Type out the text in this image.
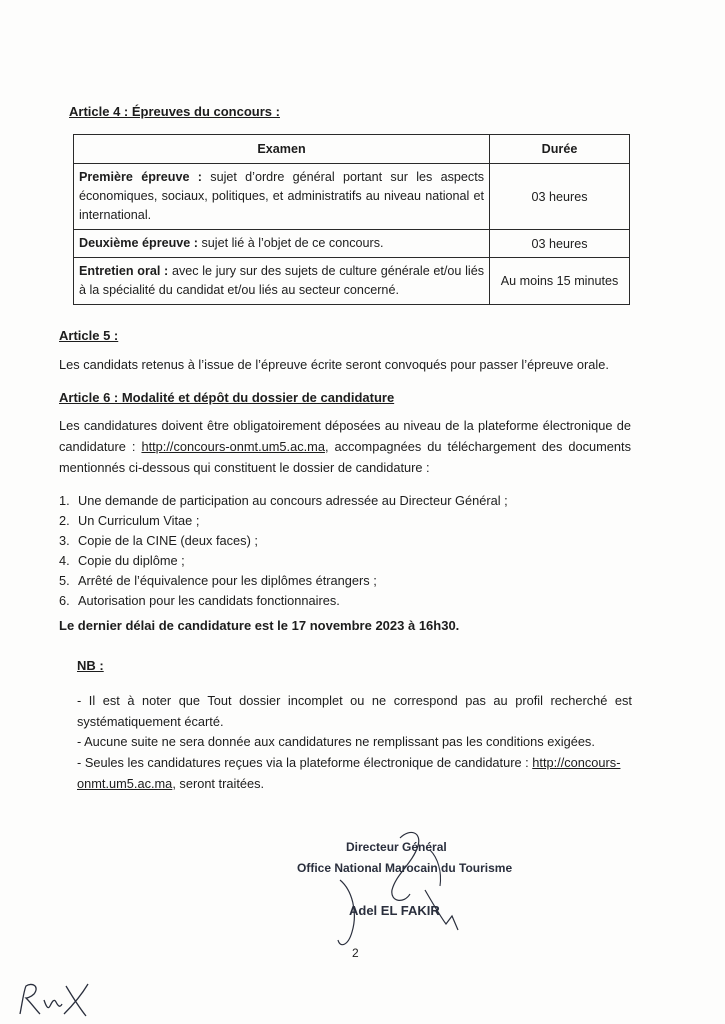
Article 4 : Épreuves du concours :
Examen	Durée
Première épreuve : sujet d’ordre général portant sur les aspects économiques, sociaux, politiques, et administratifs au niveau national et international.	03 heures
Deuxième épreuve : sujet lié à l’objet de ce concours.	03 heures
Entretien oral : avec le jury sur des sujets de culture générale et/ou liés à la spécialité du candidat et/ou liés au secteur concerné.	Au moins 15 minutes
Article 5 :
Les candidats retenus à l’issue de l’épreuve écrite seront convoqués pour passer l’épreuve orale.
Article 6 : Modalité et dépôt du dossier de candidature
Les candidatures doivent être obligatoirement déposées au niveau de la plateforme électronique de candidature : http://concours-onmt.um5.ac.ma, accompagnées du téléchargement des documents mentionnés ci-dessous qui constituent le dossier de candidature :
1. Une demande de participation au concours adressée au Directeur Général ;
2. Un Curriculum Vitae ;
3. Copie de la CINE (deux faces) ;
4. Copie du diplôme ;
5. Arrêté de l’équivalence pour les diplômes étrangers ;
6. Autorisation pour les candidats fonctionnaires.
Le dernier délai de candidature est le 17 novembre 2023 à 16h30.
NB :
- Il est à noter que Tout dossier incomplet ou ne correspond pas au profil recherché est systématiquement écarté.
- Aucune suite ne sera donnée aux candidatures ne remplissant pas les conditions exigées.
- Seules les candidatures reçues via la plateforme électronique de candidature : http://concours-onmt.um5.ac.ma, seront traitées.
Directeur Général
Office National Marocain du Tourisme
Adel EL FAKIR
2
